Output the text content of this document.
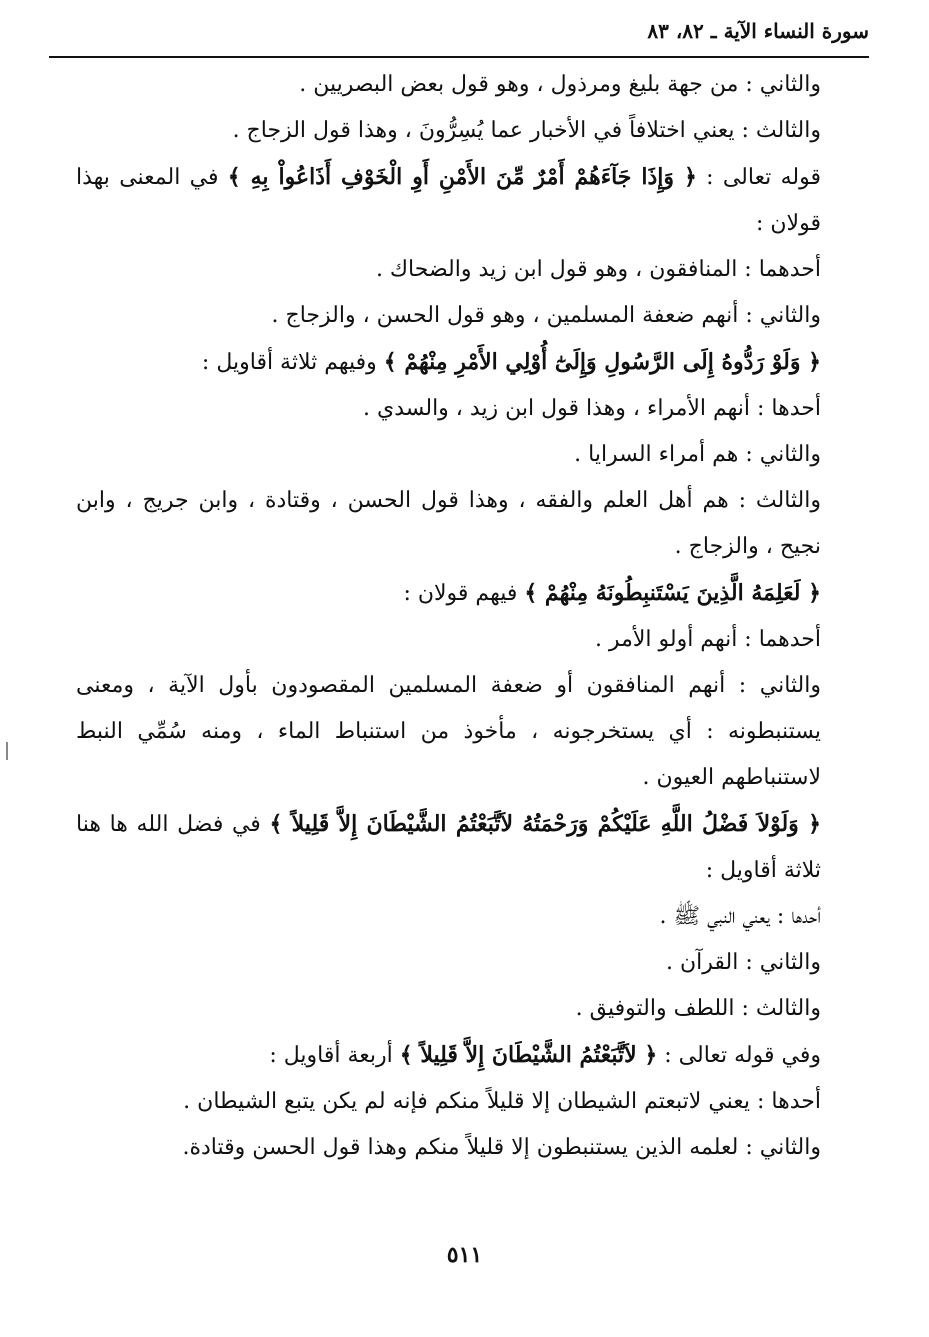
سورة النساء الآية ـ ٨٢، ٨٣

والثاني : من جهة بليغ ومرذول ، وهو قول بعض البصريين .

والثالث : يعني اختلافاً في الأخبار عما يُسِرُّونَ ، وهذا قول الزجاج .

قوله تعالى : ﴿ وَإِذَا جَآءَهُمْ أَمْرٌ مِّنَ الأَمْنِ أَوِ الْخَوْفِ أَذَاعُواْ بِهِ ﴾ في المعنى بهذا قولان :

أحدهما : المنافقون ، وهو قول ابن زيد والضحاك .

والثاني : أنهم ضعفة المسلمين ، وهو قول الحسن ، والزجاج .

﴿ وَلَوْ رَدُّوهُ إِلَى الرَّسُولِ وَإِلَىٰٓ أُوْلِي الأَمْرِ مِنْهُمْ ﴾ وفيهم ثلاثة أقاويل :

أحدها : أنهم الأمراء ، وهذا قول ابن زيد ، والسدي .

والثاني : هم أمراء السرايا .

والثالث : هم أهل العلم والفقه ، وهذا قول الحسن ، وقتادة ، وابن جريج ، وابن نجيح ، والزجاج .

﴿ لَعَلِمَهُ الَّذِينَ يَسْتَنبِطُونَهُ مِنْهُمْ ﴾ فيهم قولان :

أحدهما : أنهم أولو الأمر .

والثاني : أنهم المنافقون أو ضعفة المسلمين المقصودون بأول الآية ، ومعنى يستنبطونه : أي يستخرجونه ، مأخوذ من استنباط الماء ، ومنه سُمِّي النبط لاستنباطهم العيون .

﴿ وَلَوْلاَ فَضْلُ اللَّهِ عَلَيْكُمْ وَرَحْمَتُهُ لاَتَّبَعْتُمُ الشَّيْطَانَ إِلاَّ قَلِيلاً ﴾ في فضل الله ها هنا ثلاثة أقاويل :

أحدها : يعني النبي ﷺ .

والثاني : القرآن .

والثالث : اللطف والتوفيق .

وفي قوله تعالى : ﴿ لاَتَّبَعْتُمُ الشَّيْطَانَ إِلاَّ قَلِيلاً ﴾ أربعة أقاويل :

أحدها : يعني لاتبعتم الشيطان إلا قليلاً منكم فإنه لم يكن يتبع الشيطان .

والثاني : لعلمه الذين يستنبطون إلا قليلاً منكم وهذا قول الحسن وقتادة.

٥١١
